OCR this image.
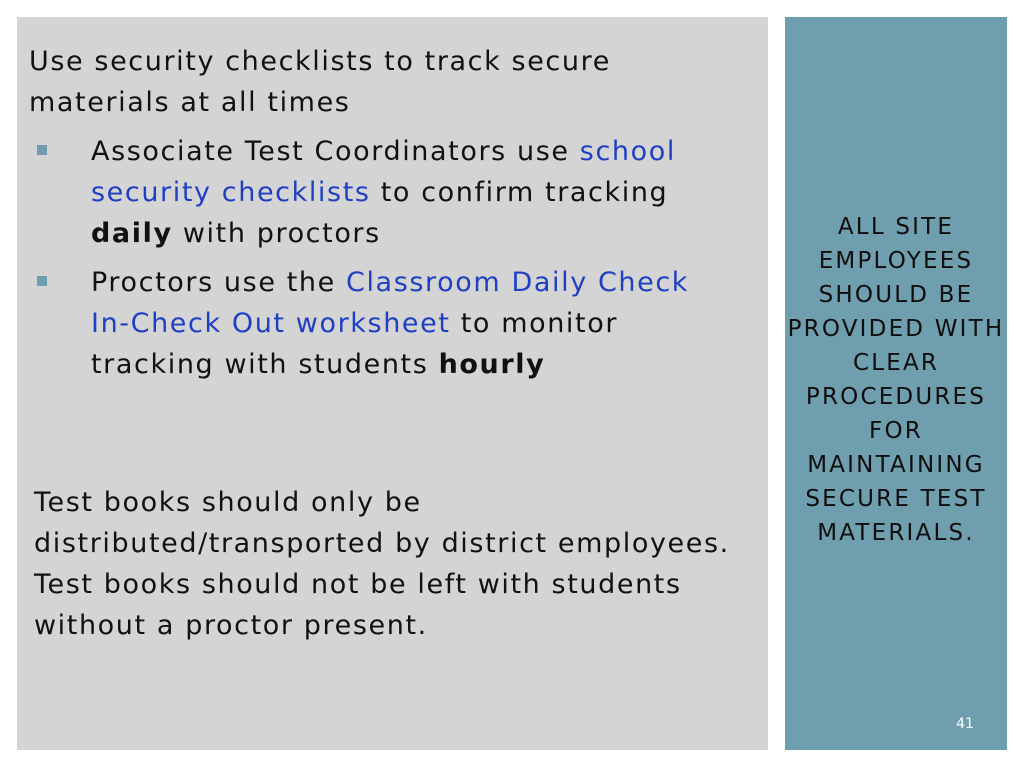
Use security checklists to track secure materials at all times

Associate Test Coordinators use school security checklists to confirm tracking daily with proctors

Proctors use the Classroom Daily Check In-Check Out worksheet to monitor tracking with students hourly

Test books should only be distributed/transported by district employees. Test books should not be left with students without a proctor present.

ALL SITE EMPLOYEES SHOULD BE PROVIDED WITH CLEAR PROCEDURES FOR MAINTAINING SECURE TEST MATERIALS.
41
